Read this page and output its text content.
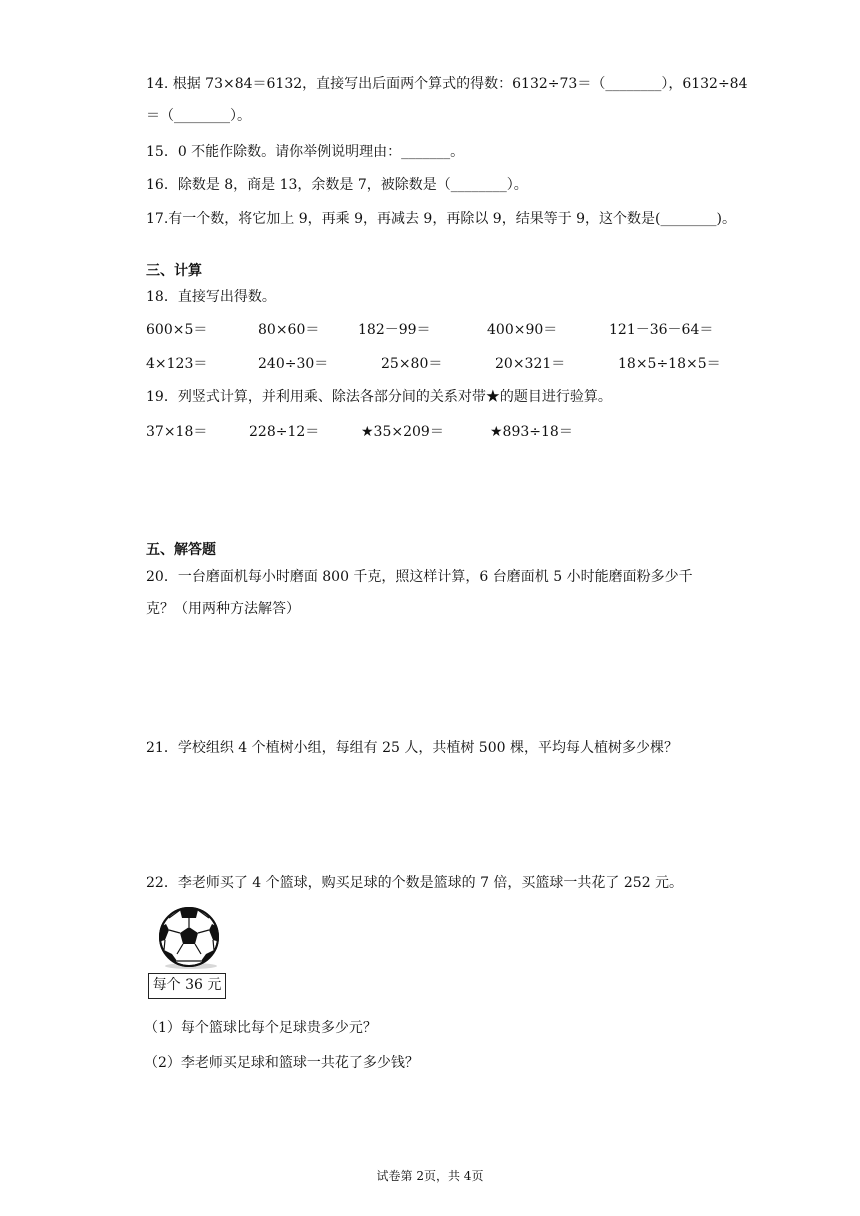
14. 根据 73×84＝6132，直接写出后面两个算式的得数：6132÷73＝（________），6132÷84
＝（________）。
15．0 不能作除数。请你举例说明理由：_______。
16．除数是 8，商是 13，余数是 7，被除数是（________）。
17.有一个数，将它加上 9，再乘 9，再减去 9，再除以 9，结果等于 9，这个数是(________)。
三、计算
18．直接写出得数。
600×5＝	80×60＝	182－99＝	400×90＝	121－36－64＝
4×123＝	240÷30＝	25×80＝	20×321＝	18×5÷18×5＝
19．列竖式计算，并利用乘、除法各部分间的关系对带★的题目进行验算。
37×18＝	228÷12＝	★35×209＝	★893÷18＝
五、解答题
20．一台磨面机每小时磨面 800 千克，照这样计算，6 台磨面机 5 小时能磨面粉多少千
克？（用两种方法解答）
21．学校组织 4 个植树小组，每组有 25 人，共植树 500 棵，平均每人植树多少棵？
22．李老师买了 4 个篮球，购买足球的个数是篮球的 7 倍，买篮球一共花了 252 元。
每个 36 元
（1）每个篮球比每个足球贵多少元？
（2）李老师买足球和篮球一共花了多少钱？
试卷第 2页，共 4页
